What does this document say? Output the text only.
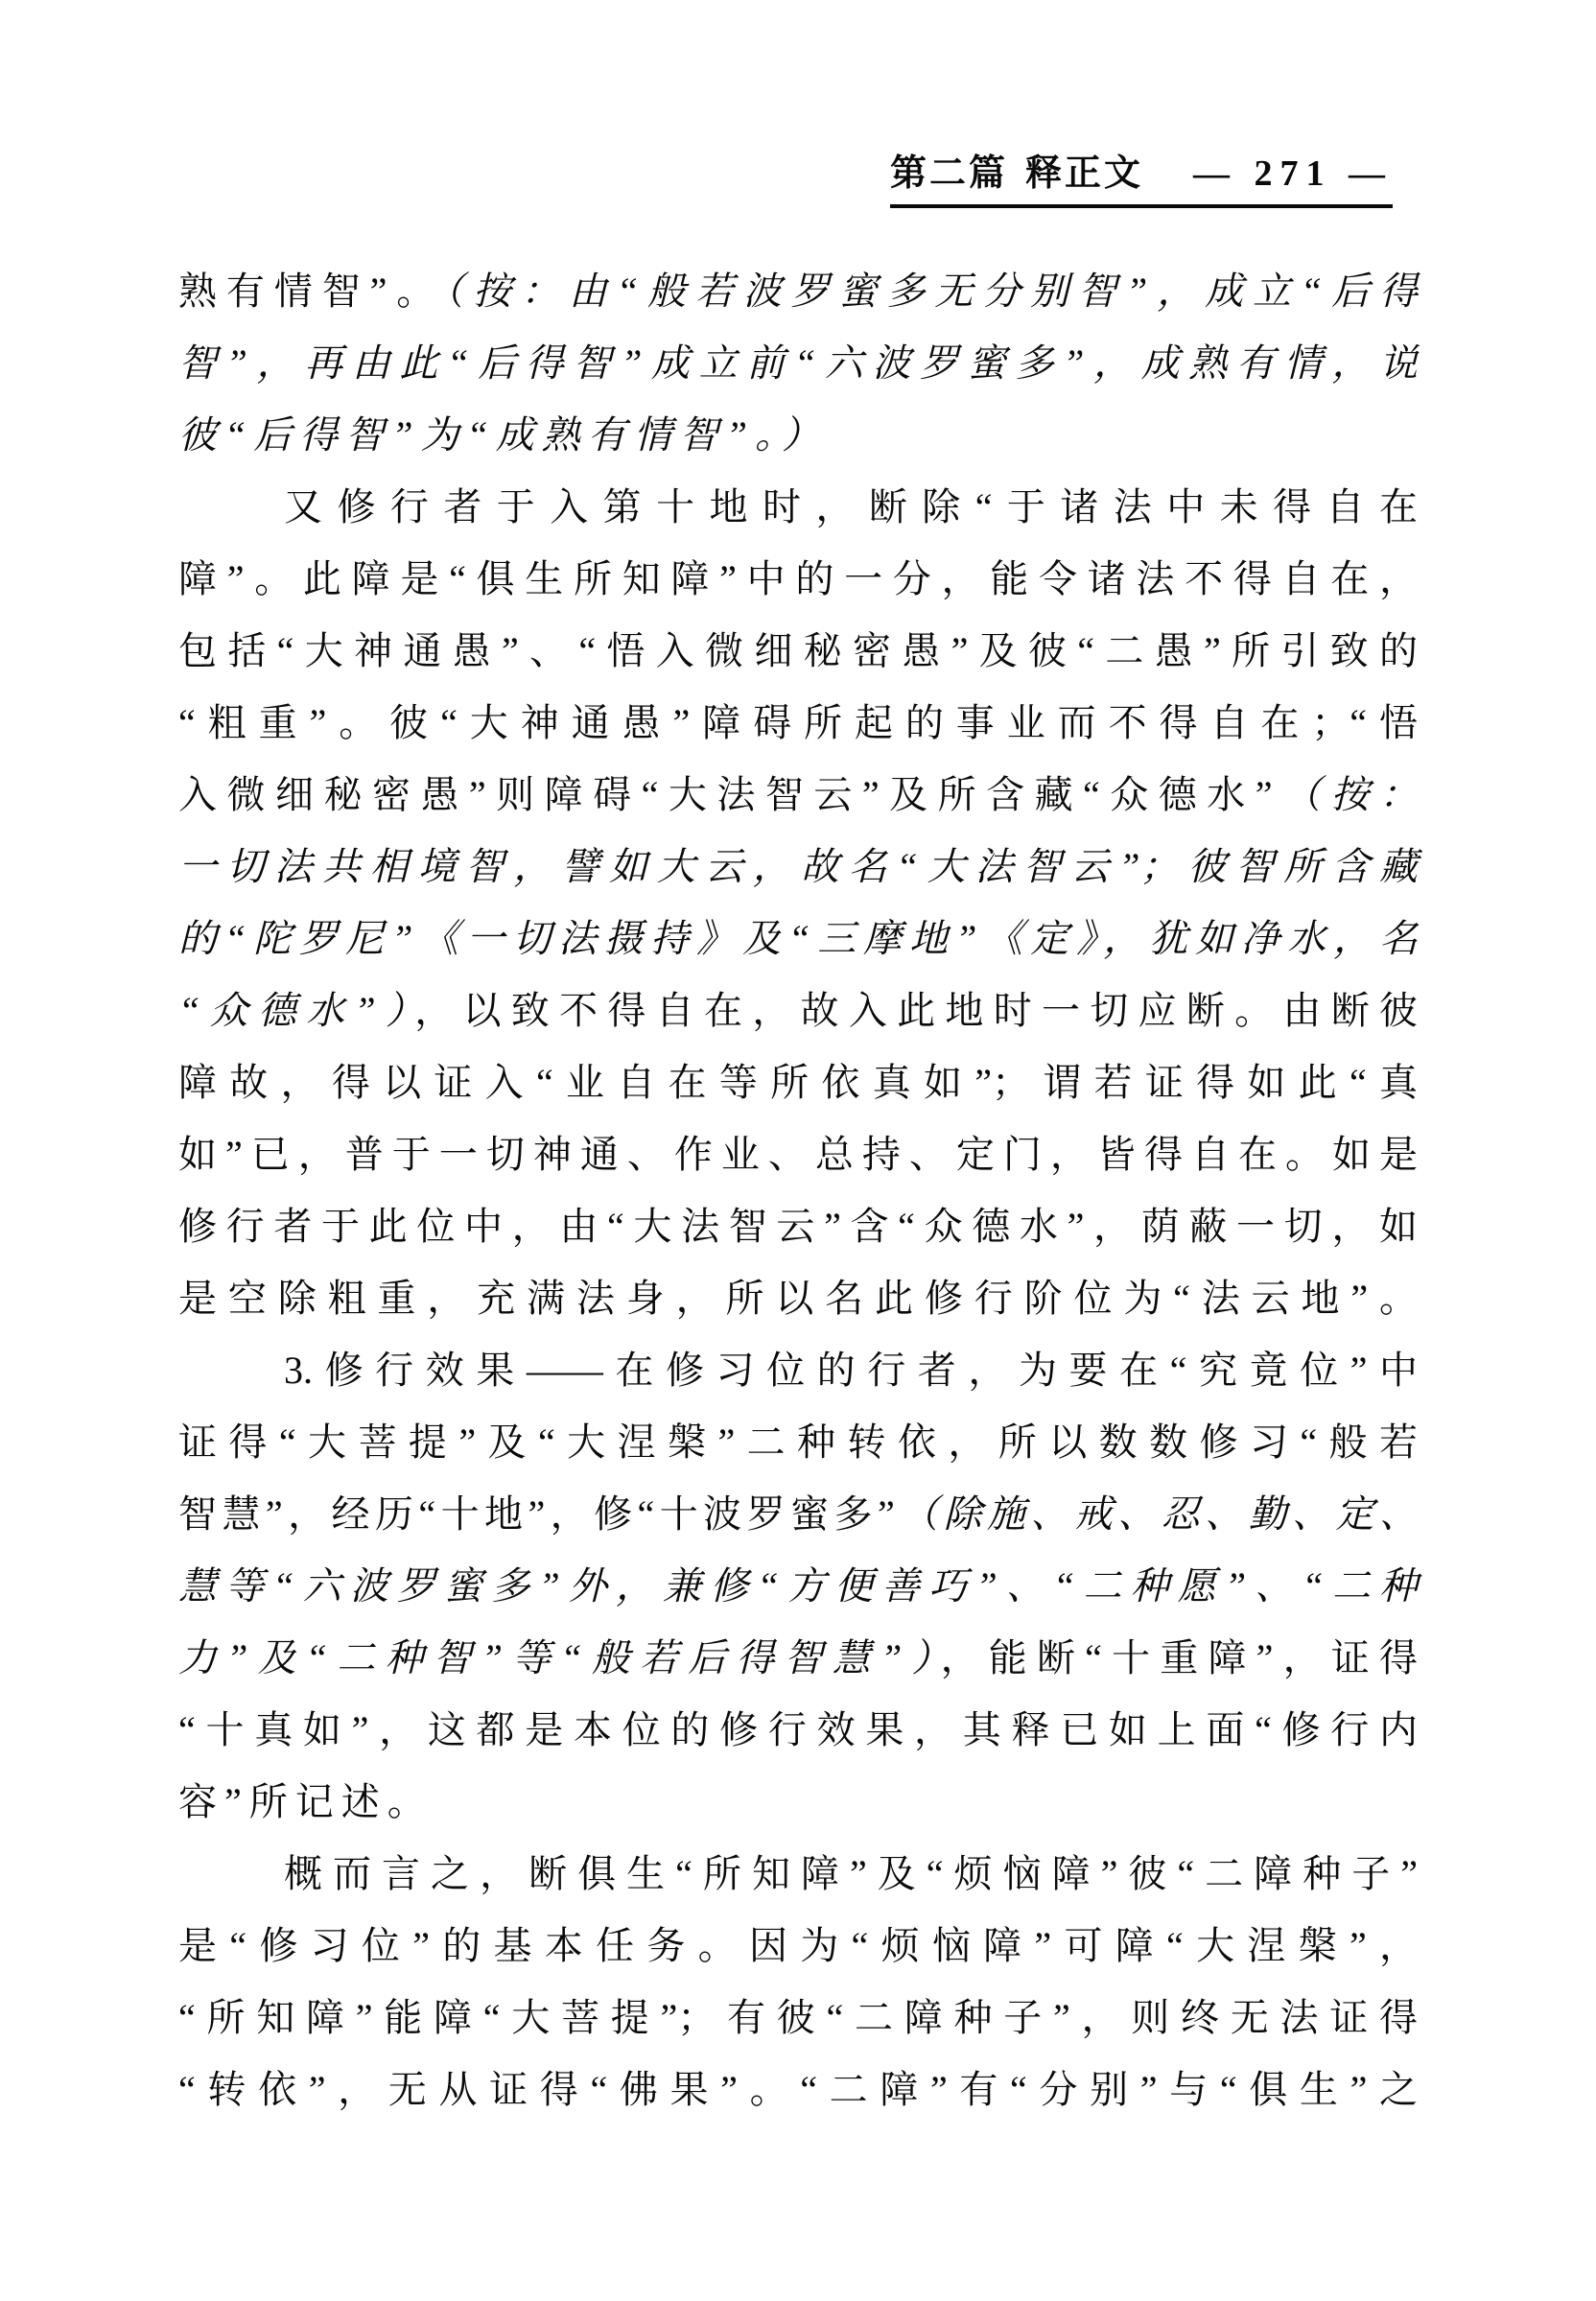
第二篇 释正文 — 271 —
熟有情智”。（按：由“般若波罗蜜多无分别智”，成立“后得
智”，再由此“后得智”成立前“六波罗蜜多”，成熟有情，说
彼“后得智”为“成熟有情智”。）
又修行者于入第十地时，断除“于诸法中未得自在
障”。此障是“俱生所知障”中的一分，能令诸法不得自在，
包括“大神通愚”、“悟入微细秘密愚”及彼“二愚”所引致的
“粗重”。彼“大神通愚”障碍所起的事业而不得自在；“悟
入微细秘密愚”则障碍“大法智云”及所含藏“众德水”（按：
一切法共相境智，譬如大云，故名“大法智云”；彼智所含藏
的“陀罗尼”《一切法摄持》及“三摩地”《定》，犹如净水，名
“众德水”），以致不得自在，故入此地时一切应断。由断彼
障故，得以证入“业自在等所依真如”；谓若证得如此“真
如”已，普于一切神通、作业、总持、定门，皆得自在。如是
修行者于此位中，由“大法智云”含“众德水”，荫蔽一切，如
是空除粗重，充满法身，所以名此修行阶位为“法云地”。
3.修行效果——在修习位的行者，为要在“究竟位”中
证得“大菩提”及“大涅槃”二种转依，所以数数修习“般若
智慧”，经历“十地”，修“十波罗蜜多”（除施、戒、忍、勤、定、
慧等“六波罗蜜多”外，兼修“方便善巧”、“二种愿”、“二种
力”及“二种智”等“般若后得智慧”），能断“十重障”，证得
“十真如”，这都是本位的修行效果，其释已如上面“修行内
容”所记述。
概而言之，断俱生“所知障”及“烦恼障”彼“二障种子”
是“修习位”的基本任务。因为“烦恼障”可障“大涅槃”，
“所知障”能障“大菩提”；有彼“二障种子”，则终无法证得
“转依”，无从证得“佛果”。“二障”有“分别”与“俱生”之
